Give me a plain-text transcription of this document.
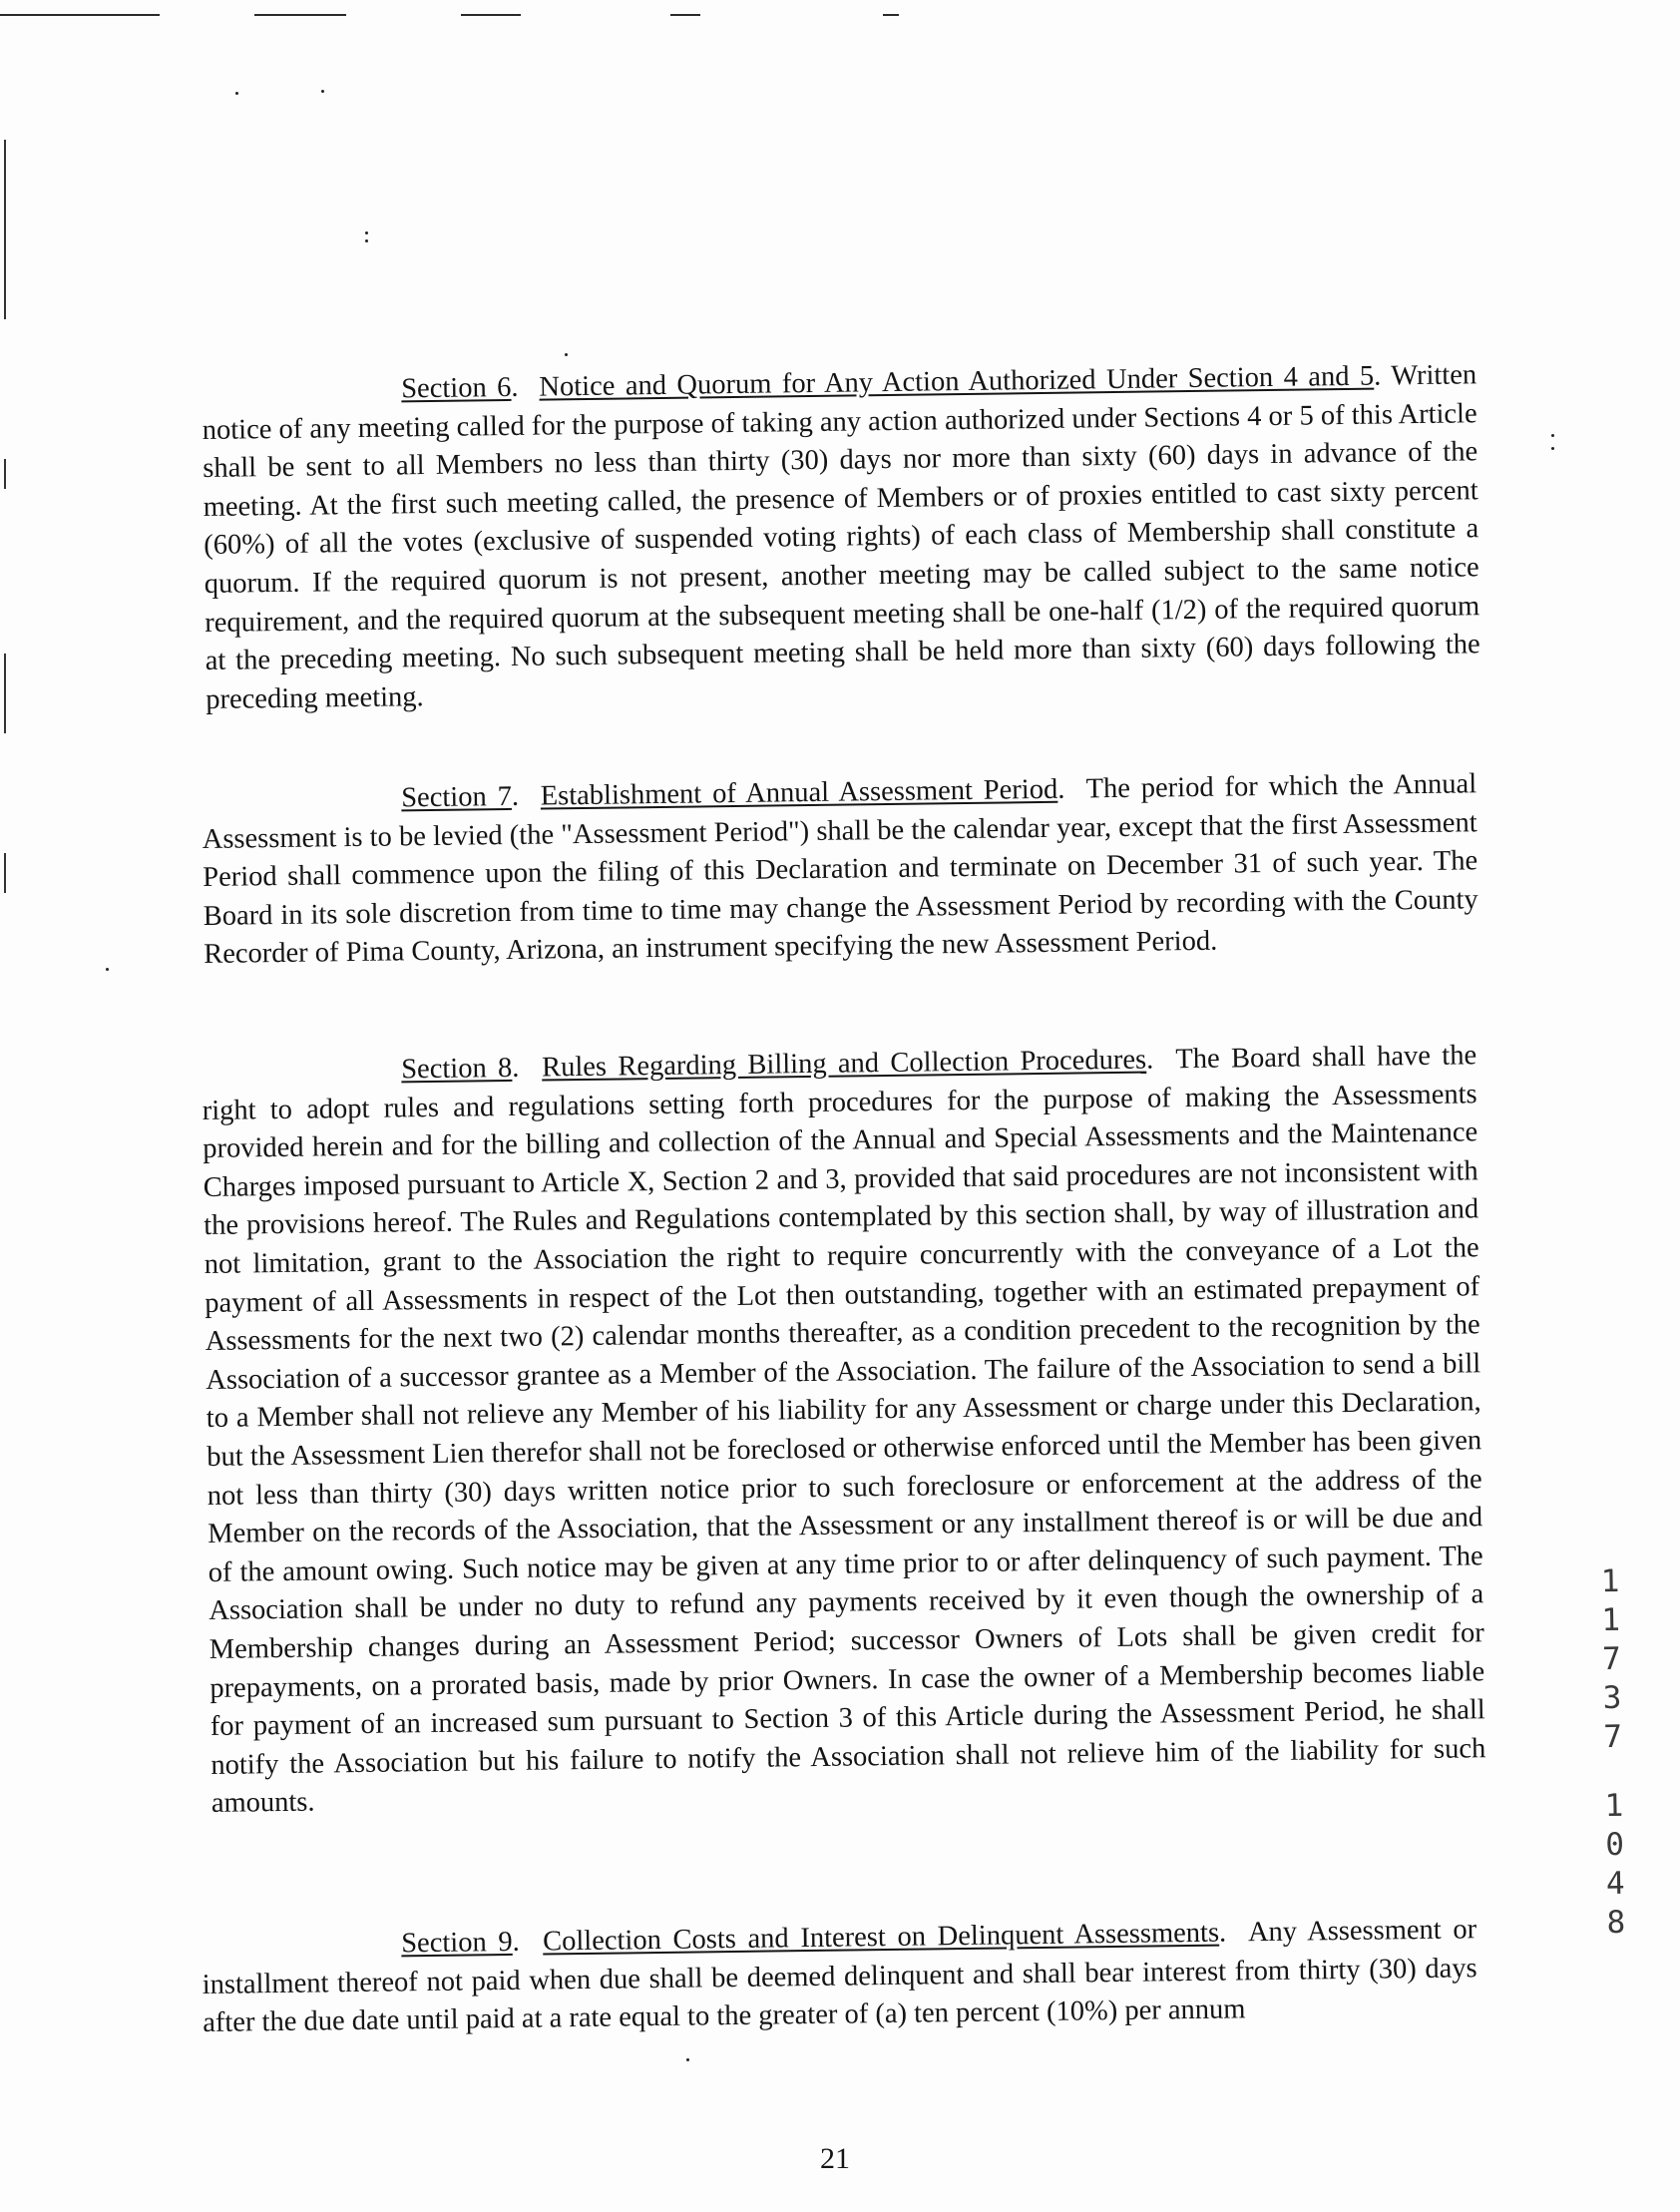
Section 6.  Notice and Quorum for Any Action Authorized Under Section 4 and 5. Written notice of any meeting called for the purpose of taking any action authorized under Sections 4 or 5 of this Article shall be sent to all Members no less than thirty (30) days nor more than sixty (60) days in advance of the meeting. At the first such meeting called, the presence of Members or of proxies entitled to cast sixty percent (60%) of all the votes (exclusive of suspended voting rights) of each class of Membership shall constitute a quorum. If the required quorum is not present, another meeting may be called subject to the same notice requirement, and the required quorum at the subsequent meeting shall be one-half (1/2) of the required quorum at the preceding meeting. No such subsequent meeting shall be held more than sixty (60) days following the preceding meeting.

Section 7.  Establishment of Annual Assessment Period.  The period for which the Annual Assessment is to be levied (the "Assessment Period") shall be the calendar year, except that the first Assessment Period shall commence upon the filing of this Declaration and terminate on December 31 of such year. The Board in its sole discretion from time to time may change the Assessment Period by recording with the County Recorder of Pima County, Arizona, an instrument specifying the new Assessment Period.

Section 8.  Rules Regarding Billing and Collection Procedures.  The Board shall have the right to adopt rules and regulations setting forth procedures for the purpose of making the Assessments provided herein and for the billing and collection of the Annual and Special Assessments and the Maintenance Charges imposed pursuant to Article X, Section 2 and 3, provided that said procedures are not inconsistent with the provisions hereof. The Rules and Regulations contemplated by this section shall, by way of illustration and not limitation, grant to the Association the right to require concurrently with the conveyance of a Lot the payment of all Assessments in respect of the Lot then outstanding, together with an estimated prepayment of Assessments for the next two (2) calendar months thereafter, as a condition precedent to the recognition by the Association of a successor grantee as a Member of the Association. The failure of the Association to send a bill to a Member shall not relieve any Member of his liability for any Assessment or charge under this Declaration, but the Assessment Lien therefor shall not be foreclosed or otherwise enforced until the Member has been given not less than thirty (30) days written notice prior to such foreclosure or enforcement at the address of the Member on the records of the Association, that the Assessment or any installment thereof is or will be due and of the amount owing. Such notice may be given at any time prior to or after delinquency of such payment. The Association shall be under no duty to refund any payments received by it even though the ownership of a Membership changes during an Assessment Period; successor Owners of Lots shall be given credit for prepayments, on a prorated basis, made by prior Owners. In case the owner of a Membership becomes liable for payment of an increased sum pursuant to Section 3 of this Article during the Assessment Period, he shall notify the Association but his failure to notify the Association shall not relieve him of the liability for such amounts.

Section 9.  Collection Costs and Interest on Delinquent Assessments.  Any Assessment or installment thereof not paid when due shall be deemed delinquent and shall bear interest from thirty (30) days after the due date until paid at a rate equal to the greater of (a) ten percent (10%) per annum

1
1
7
3
7
1
0
4
8
21
